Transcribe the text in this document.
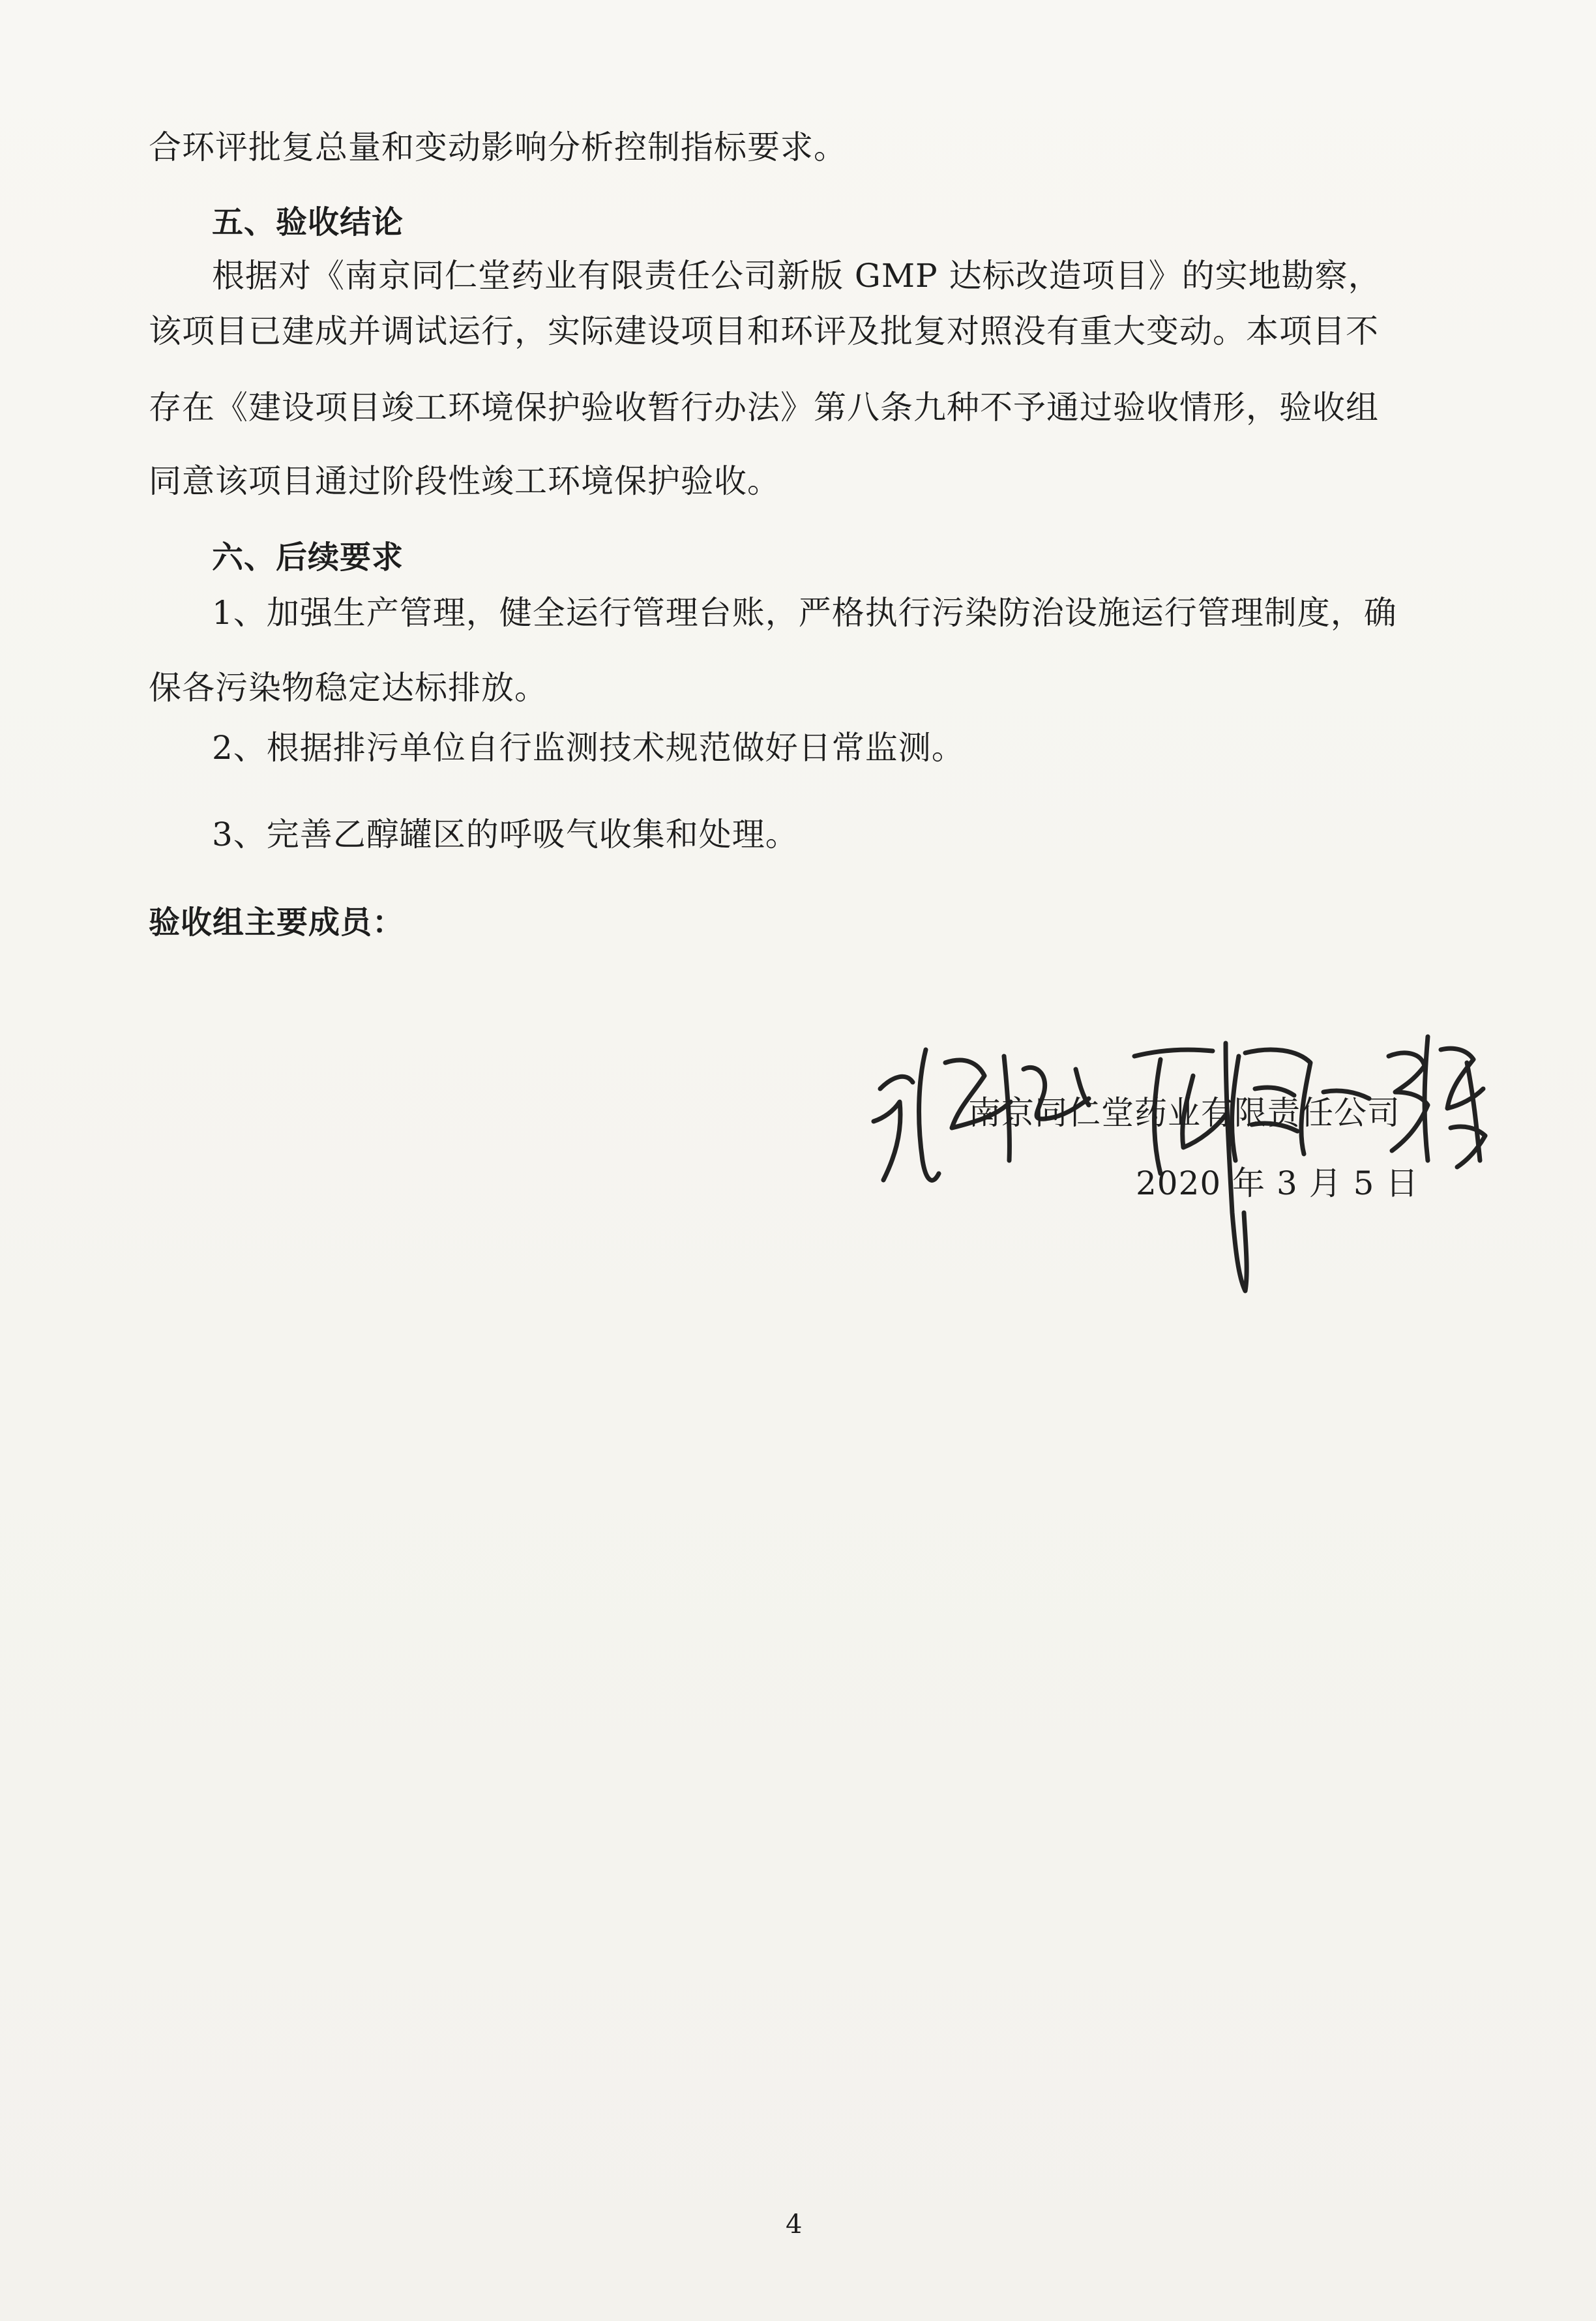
合环评批复总量和变动影响分析控制指标要求。
五、验收结论
根据对《南京同仁堂药业有限责任公司新版 GMP 达标改造项目》的实地勘察，
该项目已建成并调试运行，实际建设项目和环评及批复对照没有重大变动。本项目不
存在《建设项目竣工环境保护验收暂行办法》第八条九种不予通过验收情形，验收组
同意该项目通过阶段性竣工环境保护验收。
六、后续要求
1、加强生产管理，健全运行管理台账，严格执行污染防治设施运行管理制度，确
保各污染物稳定达标排放。
2、根据排污单位自行监测技术规范做好日常监测。
3、完善乙醇罐区的呼吸气收集和处理。
验收组主要成员：
南京同仁堂药业有限责任公司
2020 年 3 月 5 日
4
